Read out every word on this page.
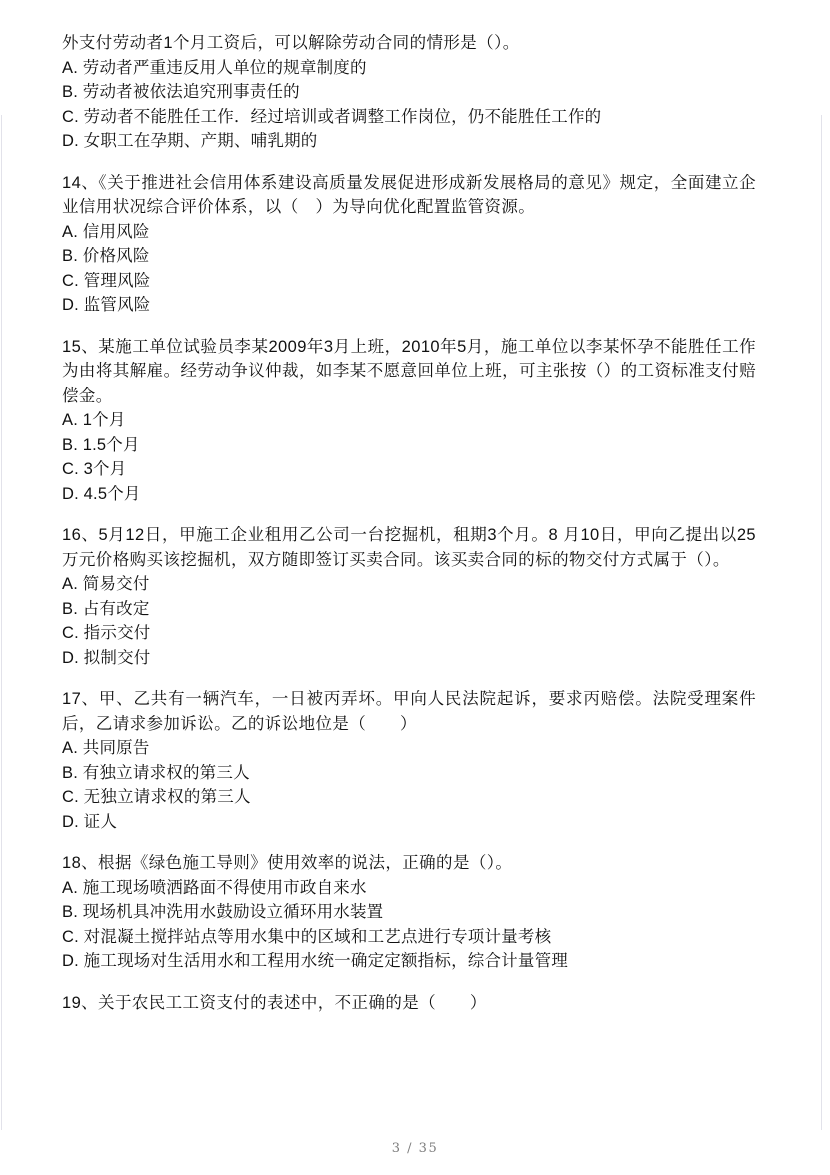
外支付劳动者1个月工资后，可以解除劳动合同的情形是（）。

A. 劳动者严重违反用人单位的规章制度的

B. 劳动者被依法追究刑事责任的

C. 劳动者不能胜任工作．经过培训或者调整工作岗位，仍不能胜任工作的

D. 女职工在孕期、产期、哺乳期的

14、《关于推进社会信用体系建设高质量发展促进形成新发展格局的意见》规定，全面建立企业信用状况综合评价体系，以（　）为导向优化配置监管资源。

A. 信用风险

B. 价格风险

C. 管理风险

D. 监管风险

15、某施工单位试验员李某2009年3月上班，2010年5月，施工单位以李某怀孕不能胜任工作为由将其解雇。经劳动争议仲裁，如李某不愿意回单位上班，可主张按（）的工资标准支付赔偿金。

A. 1个月

B. 1.5个月

C. 3个月

D. 4.5个月

16、5月12日，甲施工企业租用乙公司一台挖掘机，租期3个月。8 月10日，甲向乙提出以25万元价格购买该挖掘机，双方随即签订买卖合同。该买卖合同的标的物交付方式属于（）。

A. 简易交付

B. 占有改定

C. 指示交付

D. 拟制交付

17、甲、乙共有一辆汽车，一日被丙弄坏。甲向人民法院起诉，要求丙赔偿。法院受理案件后，乙请求参加诉讼。乙的诉讼地位是（　　）

A. 共同原告

B. 有独立请求权的第三人

C. 无独立请求权的第三人

D. 证人

18、根据《绿色施工导则》使用效率的说法，正确的是（）。

A. 施工现场喷洒路面不得使用市政自来水

B. 现场机具冲洗用水鼓励设立循环用水装置

C. 对混凝土搅拌站点等用水集中的区域和工艺点进行专项计量考核

D. 施工现场对生活用水和工程用水统一确定定额指标，综合计量管理

19、关于农民工工资支付的表述中，不正确的是（　　）

3 / 35
